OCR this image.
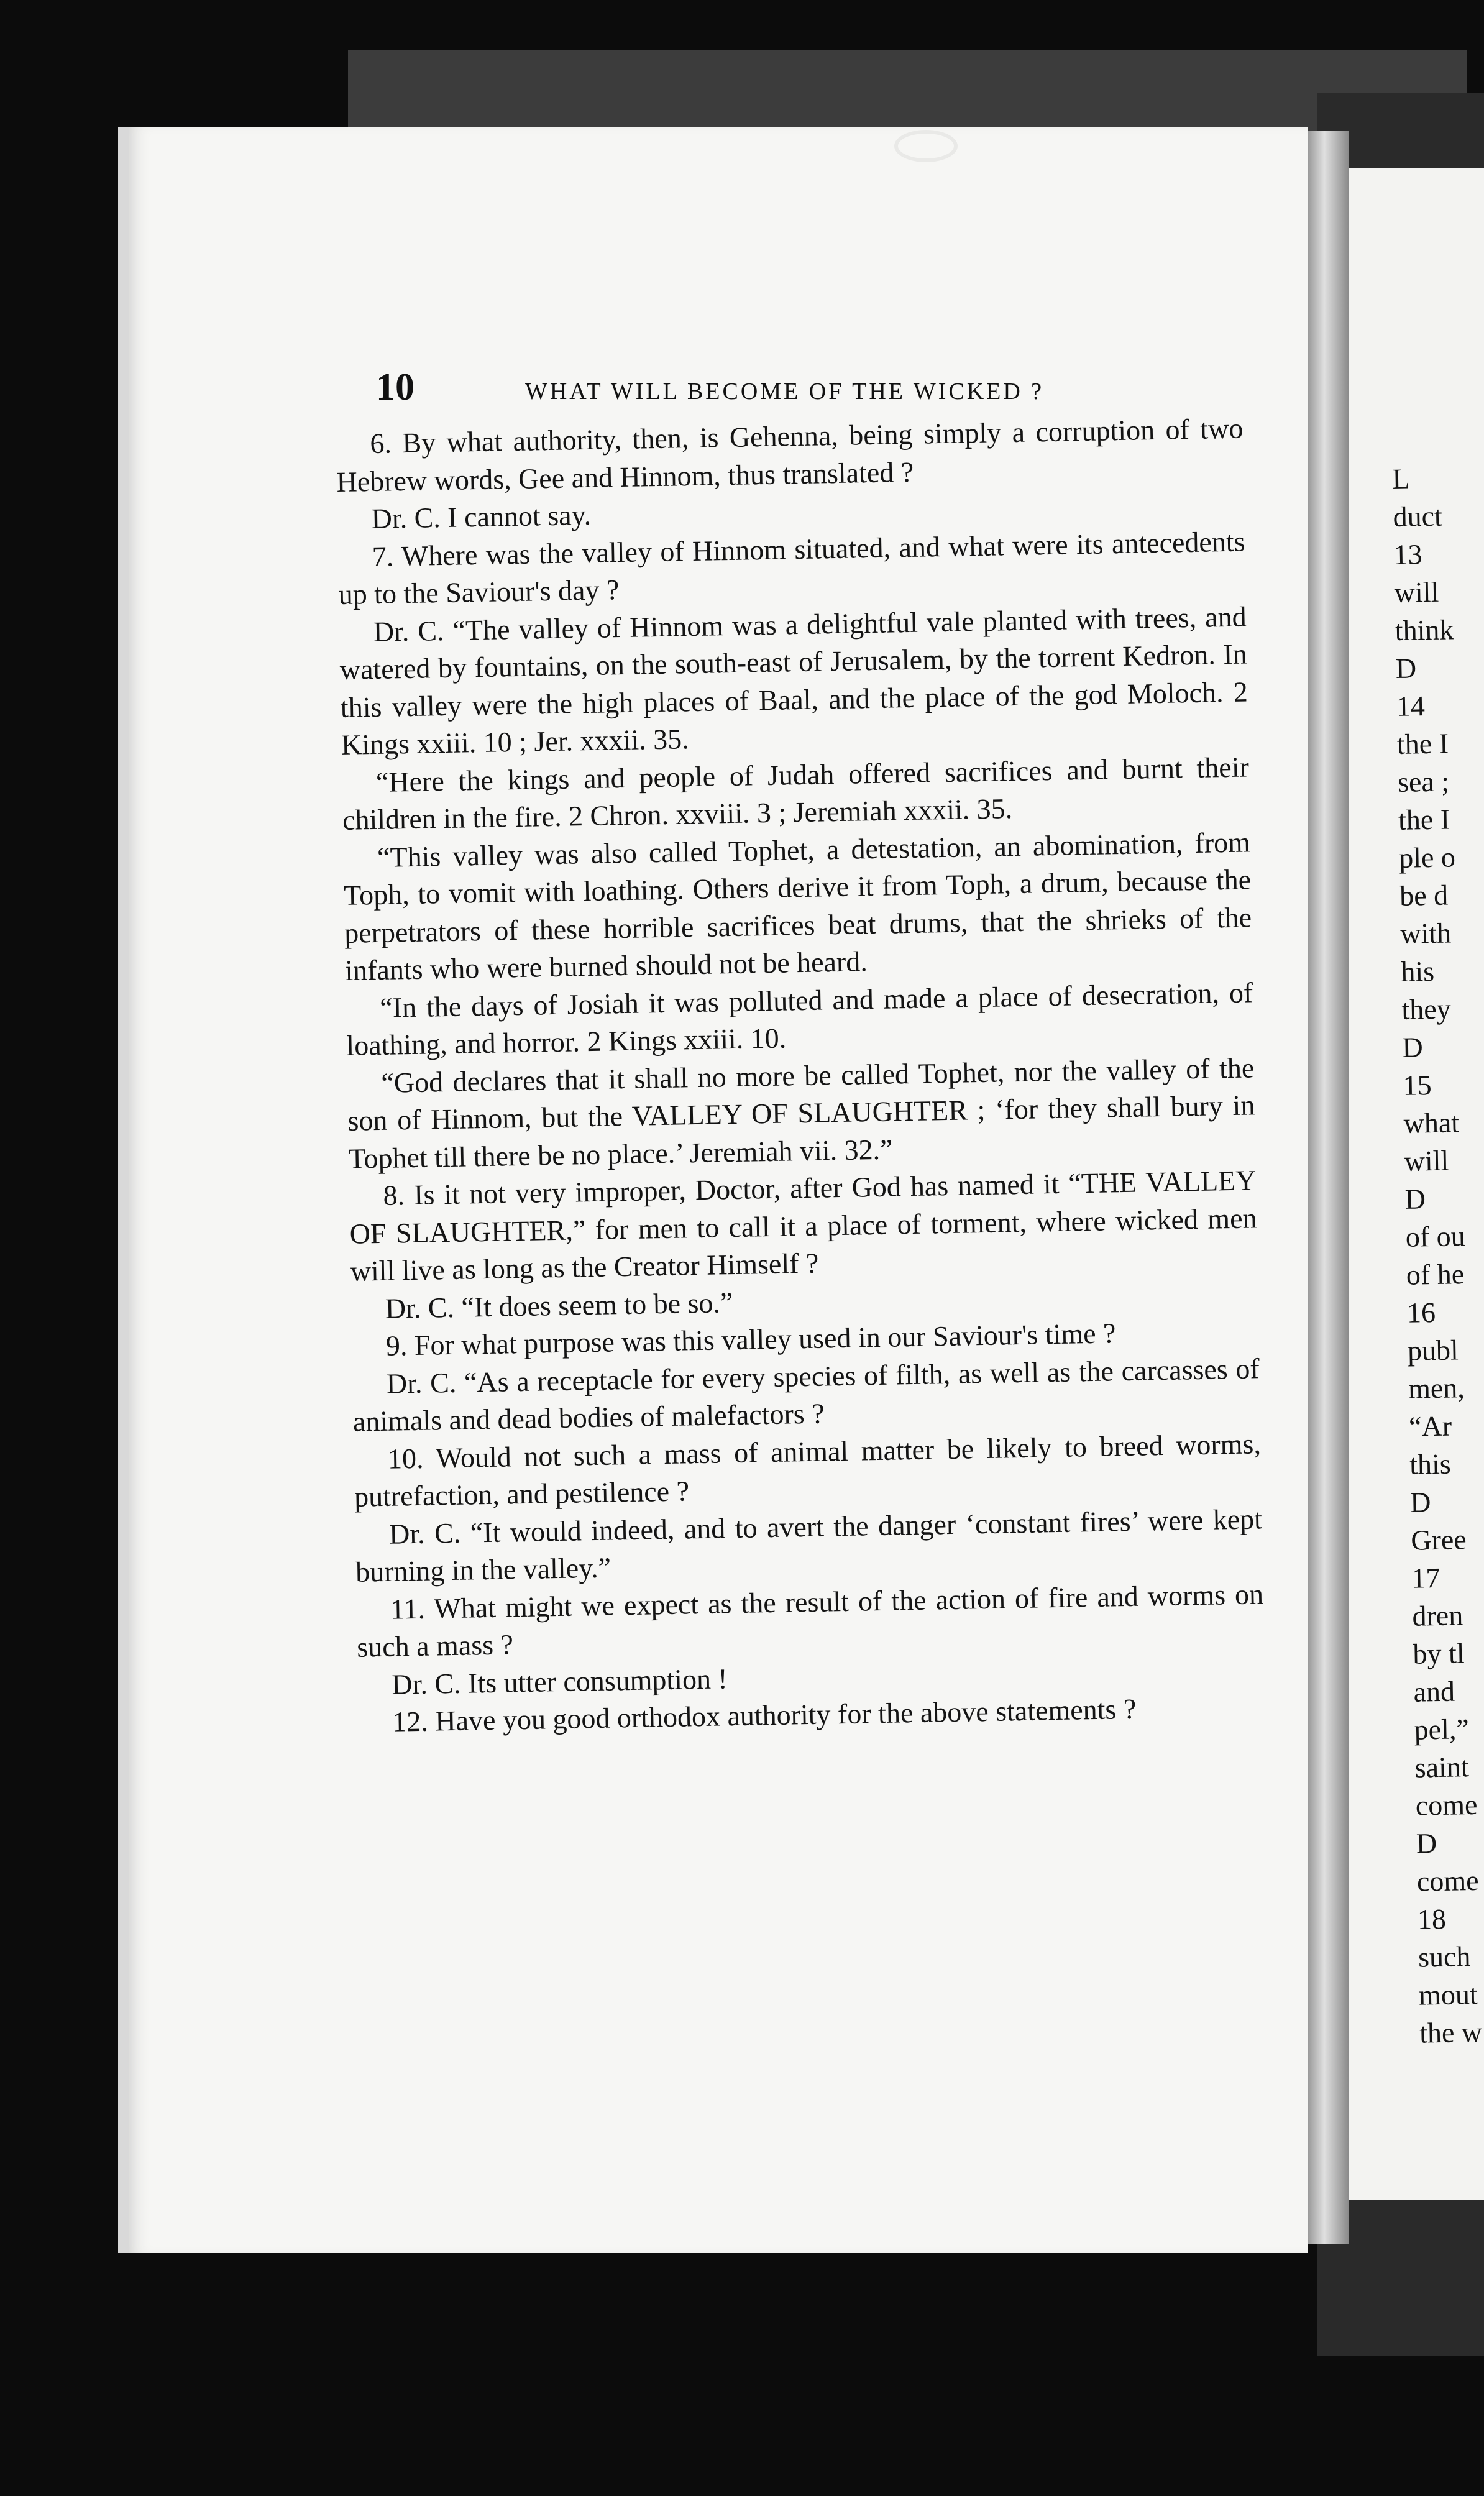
10	WHAT WILL BECOME OF THE WICKED ?

6. By what authority, then, is Gehenna, being simply a corruption of two Hebrew words, Gee and Hinnom, thus translated ?

Dr. C. I cannot say.

7. Where was the valley of Hinnom situated, and what were its antecedents up to the Saviour's day ?

Dr. C. “The valley of Hinnom was a delightful vale planted with trees, and watered by fountains, on the south-east of Jerusalem, by the torrent Kedron. In this valley were the high places of Baal, and the place of the god Moloch. 2 Kings xxiii. 10 ; Jer. xxxii. 35.

“Here the kings and people of Judah offered sacrifices and burnt their children in the fire. 2 Chron. xxviii. 3 ; Jeremiah xxxii. 35.

“This valley was also called Tophet, a detestation, an abomination, from Toph, to vomit with loathing. Others derive it from Toph, a drum, because the perpetrators of these horrible sacrifices beat drums, that the shrieks of the infants who were burned should not be heard.

“In the days of Josiah it was polluted and made a place of desecration, of loathing, and horror. 2 Kings xxiii. 10.

“God declares that it shall no more be called Tophet, nor the valley of the son of Hinnom, but the VALLEY OF SLAUGHTER ; ‘for they shall bury in Tophet till there be no place.’ Jeremiah vii. 32.”

8. Is it not very improper, Doctor, after God has named it “THE VALLEY OF SLAUGHTER,” for men to call it a place of torment, where wicked men will live as long as the Creator Himself ?

Dr. C. “It does seem to be so.”

9. For what purpose was this valley used in our Saviour's time ?

Dr. C. “As a receptacle for every species of filth, as well as the carcasses of animals and dead bodies of malefactors ?

10. Would not such a mass of animal matter be likely to breed worms, putrefaction, and pestilence ?

Dr. C. “It would indeed, and to avert the danger ‘constant fires’ were kept burning in the valley.”

11. What might we expect as the result of the action of fire and worms on such a mass ?

Dr. C. Its utter consumption !

12. Have you good orthodox authority for the above statements ?

L
duct
13
will
think
D
14
the I
sea ;
the I
ple o
be d
with
his
they
D
15
what
will
D
of ou
of he
16
publ
men,
“Ar
this
D
Gree
17
dren
by tl
and
pel,”
saint
come
D
come
18
such
mout
the w
